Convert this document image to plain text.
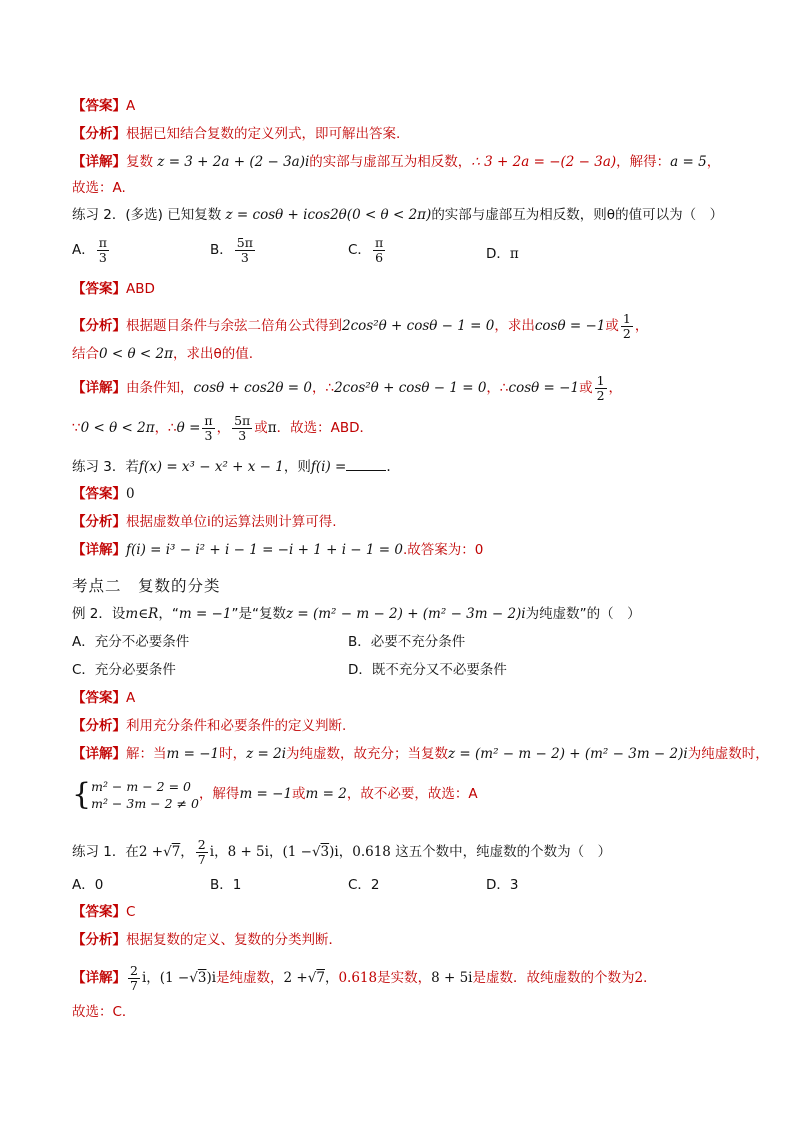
【答案】A
【分析】根据已知结合复数的定义列式，即可解出答案.
【详解】复数 z = 3 + 2a + (2 − 3a)i的实部与虚部互为相反数，∴ 3 + 2a = −(2 − 3a)，解得：a = 5，
故选：A.
练习 2．(多选) 已知复数 z = cosθ + icos2θ(0 < θ < 2π)的实部与虚部互为相反数，则θ的值可以为（　）
A． $\frac{\pi}{3}$	B． $\frac{5\pi}{3}$	C． $\frac{\pi}{6}$	D．π
【答案】ABD
【分析】根据题目条件与余弦二倍角公式得到2cos²θ + cosθ − 1 = 0，求出cosθ = −1或 $\frac{1}{2}$ ，
结合0 < θ < 2π，求出θ的值.
【详解】由条件知，cosθ + cos2θ = 0，∴2cos²θ + cosθ − 1 = 0，∴cosθ = −1或 $\frac{1}{2}$ ，
∵0 < θ < 2π，∴θ = $\frac{\pi}{3}$ ， $\frac{5\pi}{3}$ 或π．故选：ABD．
练习 3．若f(x) = x³ − x² + x − 1，则f(i) =	.
【答案】0
【分析】根据虚数单位i的运算法则计算可得.
【详解】f(i) = i³ − i² + i − 1 = −i + 1 + i − 1 = 0.故答案为：0
考点二　复数的分类
例 2．设m∈R，“m = −1”是“复数z = (m² − m − 2) + (m² − 3m − 2)i为纯虚数”的（　）
A．充分不必要条件	B．必要不充分条件
C．充分必要条件	D．既不充分又不必要条件
【答案】A
【分析】利用充分条件和必要条件的定义判断.
【详解】解：当m = −1时，z = 2i为纯虚数，故充分；当复数z = (m² − m − 2) + (m² − 3m − 2)i为纯虚数时，
{ m² − m − 2 = 0
m² − 3m − 2 ≠ 0
，解得m = −1或m = 2，故不必要，故选：A
练习 1．在2 +√7， $\frac{2}{7}$ i，8 + 5i，(1 −√3)i，0.618 这五个数中，纯虚数的个数为（　）
A．0	B．1	C．2	D．3
【答案】C
【分析】根据复数的定义、复数的分类判断．
【详解】 $\frac{2}{7}$ i，(1 −√3)i是纯虚数，2 +√7，0.618是实数，8 + 5i是虚数．故纯虚数的个数为2．
故选：C．
